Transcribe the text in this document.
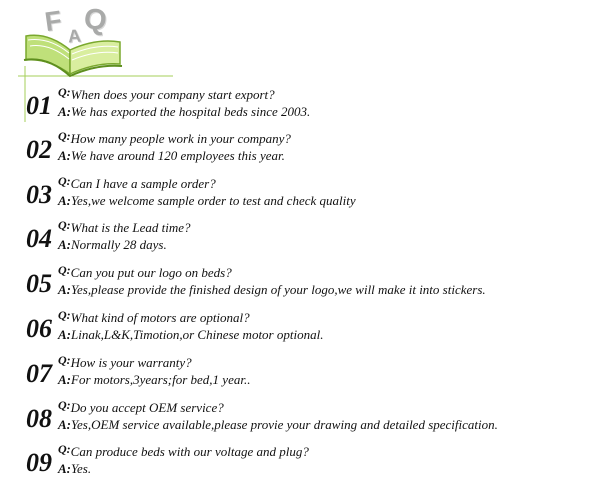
F A Q
01 Q:When does your company start export?
A:We has exported the hospital beds since 2003.
02 Q:How many people work in your company?
A:We have around 120 employees this year.
03 Q:Can I have a sample order?
A:Yes,we welcome sample order to test and check quality
04 Q:What is the Lead time?
A:Normally 28 days.
05 Q:Can you put our logo on beds?
A:Yes,please provide the finished design of your logo,we will make it into stickers.
06 Q:What kind of motors are optional?
A:Linak,L&K,Timotion,or Chinese motor optional.
07 Q:How is your warranty?
A:For motors,3years;for bed,1 year..
08 Q:Do you accept OEM service?
A:Yes,OEM service available,please provie your drawing and detailed specification.
09 Q:Can produce beds with our voltage and plug?
A:Yes.
